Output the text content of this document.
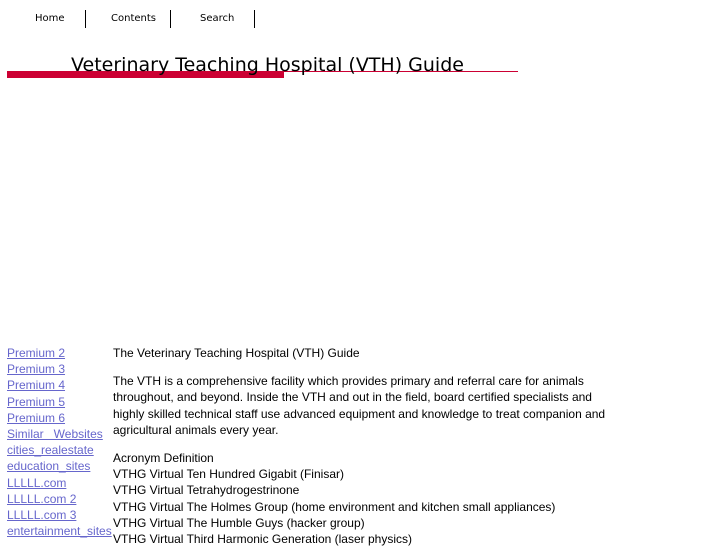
Home	Contents	Search
Veterinary Teaching Hospital (VTH) Guide
Premium 2
Premium 3
Premium 4
Premium 5
Premium 6
Similar   Websites
cities_realestate
education_sites
LLLLL.com
LLLLL.com 2
LLLLL.com 3
entertainment_sites

The Veterinary Teaching Hospital (VTH) Guide

The VTH is a comprehensive facility which provides primary and referral care for animals throughout, and beyond. Inside the VTH and out in the field, board certified specialists and highly skilled technical staff use advanced equipment and knowledge to treat companion and agricultural animals every year.

Acronym Definition

VTHG Virtual Ten Hundred Gigabit (Finisar)

VTHG Virtual Tetrahydrogestrinone

VTHG Virtual The Holmes Group (home environment and kitchen small appliances)

VTHG Virtual The Humble Guys (hacker group)

VTHG Virtual Third Harmonic Generation (laser physics)
